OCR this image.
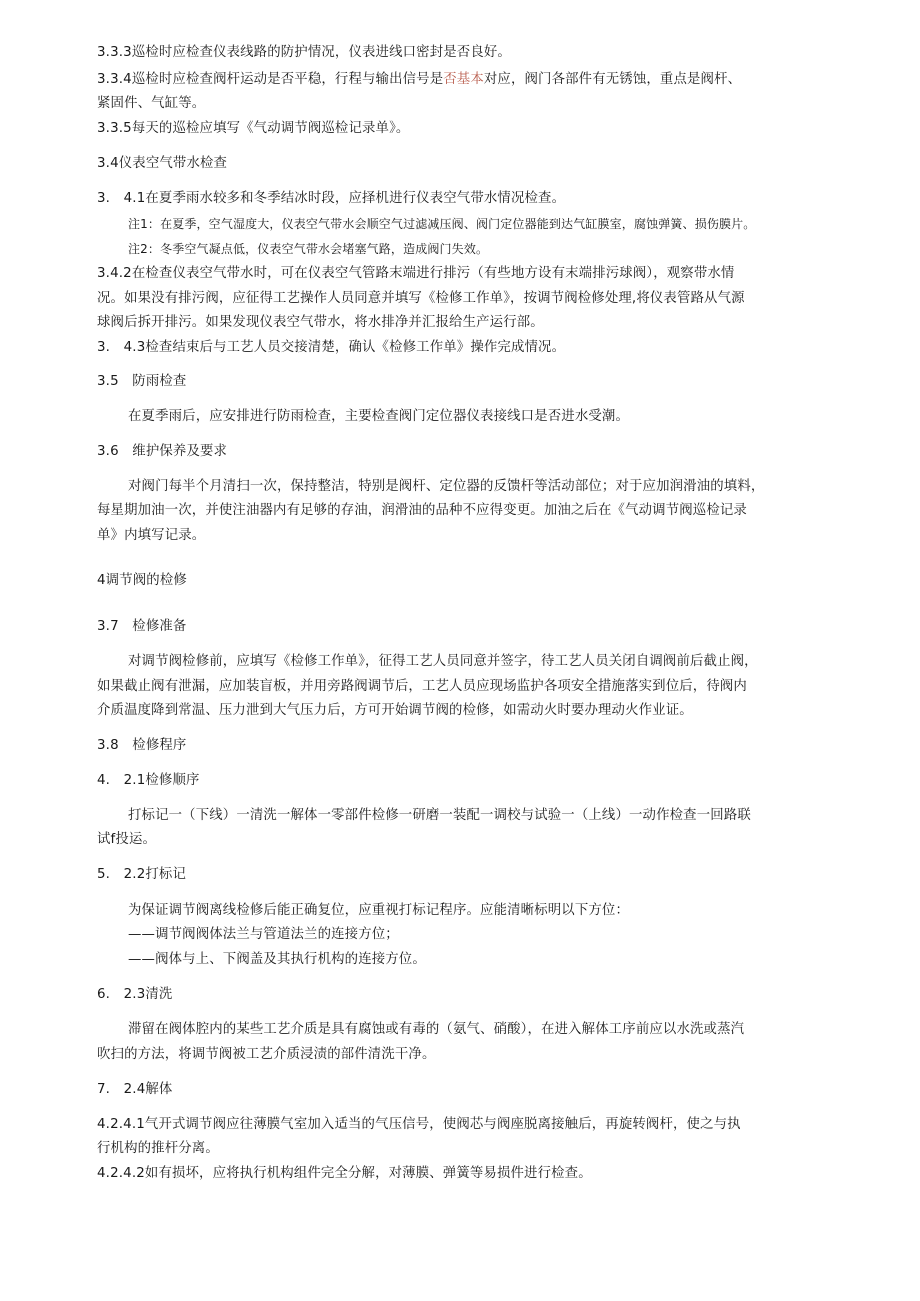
3.3.3巡检时应检查仪表线路的防护情况，仪表进线口密封是否良好。
3.3.4巡检时应检查阀杆运动是否平稳，行程与输出信号是否基本对应，阀门各部件有无锈蚀，重点是阀杆、
紧固件、气缸等。
3.3.5每天的巡检应填写《气动调节阀巡检记录单》。
3.4仪表空气带水检查
3.　4.1在夏季雨水较多和冬季结冰时段，应择机进行仪表空气带水情况检查。
注1：在夏季，空气湿度大，仪表空气带水会顺空气过滤减压阀、阀门定位器能到达气缸膜室，腐蚀弹簧、损伤膜片。
注2：冬季空气凝点低，仪表空气带水会堵塞气路，造成阀门失效。
3.4.2在检查仪表空气带水时，可在仪表空气管路末端进行排污（有些地方设有末端排污球阀），观察带水情
况。如果没有排污阀，应征得工艺操作人员同意并填写《检修工作单》，按调节阀检修处理,将仪表管路从气源
球阀后拆开排污。如果发现仪表空气带水，将水排净并汇报给生产运行部。
3.　4.3检查结束后与工艺人员交接清楚，确认《检修工作单》操作完成情况。
3.5　防雨检查
在夏季雨后，应安排进行防雨检查，主要检查阀门定位器仪表接线口是否进水受潮。
3.6　维护保养及要求
对阀门每半个月清扫一次，保持整洁，特别是阀杆、定位器的反馈杆等活动部位；对于应加润滑油的填料，
每星期加油一次，并使注油器内有足够的存油，润滑油的品种不应得变更。加油之后在《气动调节阀巡检记录
单》内填写记录。
4调节阀的检修
3.7　检修准备
对调节阀检修前，应填写《检修工作单》，征得工艺人员同意并签字，待工艺人员关闭自调阀前后截止阀，
如果截止阀有泄漏，应加装盲板，并用旁路阀调节后，工艺人员应现场监护各项安全措施落实到位后，待阀内
介质温度降到常温、压力泄到大气压力后，方可开始调节阀的检修，如需动火时要办理动火作业证。
3.8　检修程序
4.　2.1检修顺序
打标记一（下线）一清洗一解体一零部件检修一研磨一装配一调校与试验一（上线）一动作检查一回路联
试f投运。
5.　2.2打标记
为保证调节阀离线检修后能正确复位，应重视打标记程序。应能清晰标明以下方位：
——调节阀阀体法兰与管道法兰的连接方位；
——阀体与上、下阀盖及其执行机构的连接方位。
6.　2.3清洗
滞留在阀体腔内的某些工艺介质是具有腐蚀或有毒的（氨气、硝酸），在进入解体工序前应以水洗或蒸汽
吹扫的方法，将调节阀被工艺介质浸渍的部件清洗干净。
7.　2.4解体
4.2.4.1气开式调节阀应往薄膜气室加入适当的气压信号，使阀芯与阀座脱离接触后，再旋转阀杆，使之与执
行机构的推杆分离。
4.2.4.2如有损坏，应将执行机构组件完全分解，对薄膜、弹簧等易损件进行检查。
